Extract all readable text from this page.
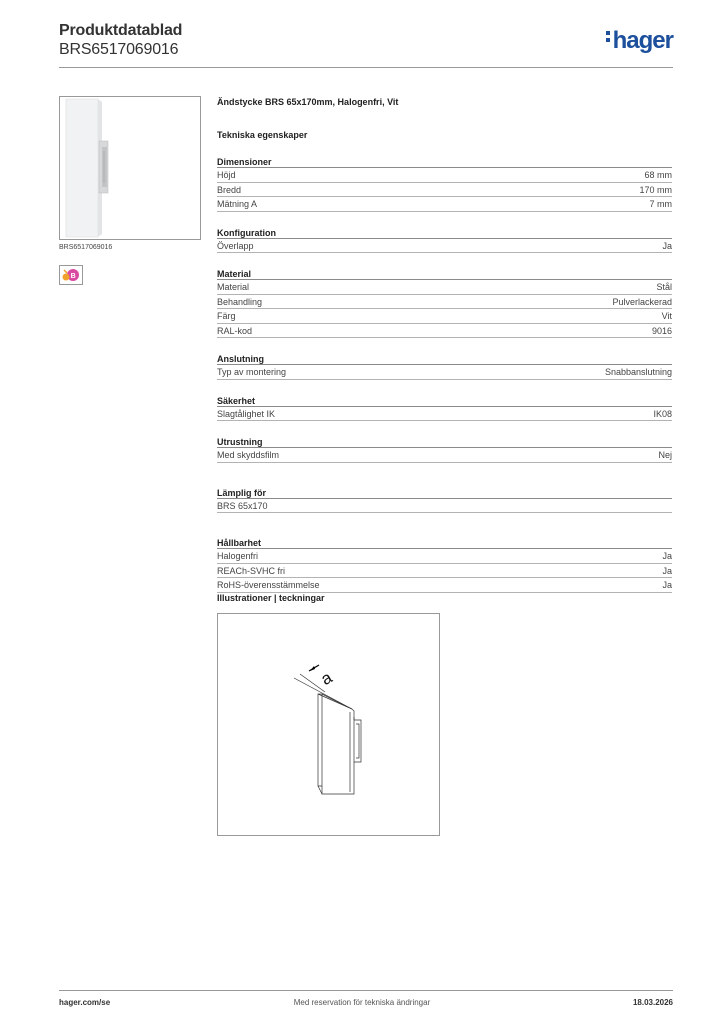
Produktdatablad
BRS6517069016	hager
BRS6517069016
B
Ändstycke BRS 65x170mm, Halogenfri, Vit
Tekniska egenskaper
Dimensioner
Höjd	68 mm
Bredd	170 mm
Mätning A	7 mm
Konfiguration
Överlapp	Ja
Material
Material	Stål
Behandling	Pulverlackerad
Färg	Vit
RAL-kod	9016
Anslutning
Typ av montering	Snabbanslutning
Säkerhet
Slagtålighet IK	IK08
Utrustning
Med skyddsfilm	Nej
Lämplig för
BRS 65x170
Hållbarhet
Halogenfri	Ja
REACh-SVHC fri	Ja
RoHS-överensstämmelse	Ja
Illustrationer | teckningar
a
hager.com/se	Med reservation för tekniska ändringar	18.03.2026
